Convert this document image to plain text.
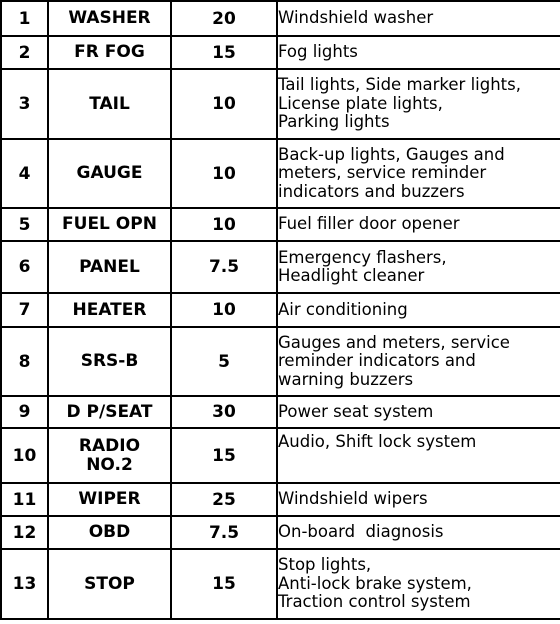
1	WASHER	20	Windshield washer

2	FR FOG	15	Fog lights

3	TAIL	10	Tail lights, Side marker lights,
License plate lights,
Parking lights

4	GAUGE	10	Back-up lights, Gauges and
meters, service reminder
indicators and buzzers

5	FUEL OPN	10	Fuel filler door opener

6	PANEL	7.5	Emergency flashers,
Headlight cleaner

7	HEATER	10	Air conditioning

8	SRS-B	5	Gauges and meters, service
reminder indicators and
warning buzzers

9	D P/SEAT	30	Power seat system

10	RADIO
NO.2	15	Audio, Shift lock system

11	WIPER	25	Windshield wipers

12	OBD	7.5	On-board  diagnosis

13	STOP	15	Stop lights,
Anti-lock brake system,
Traction control system
